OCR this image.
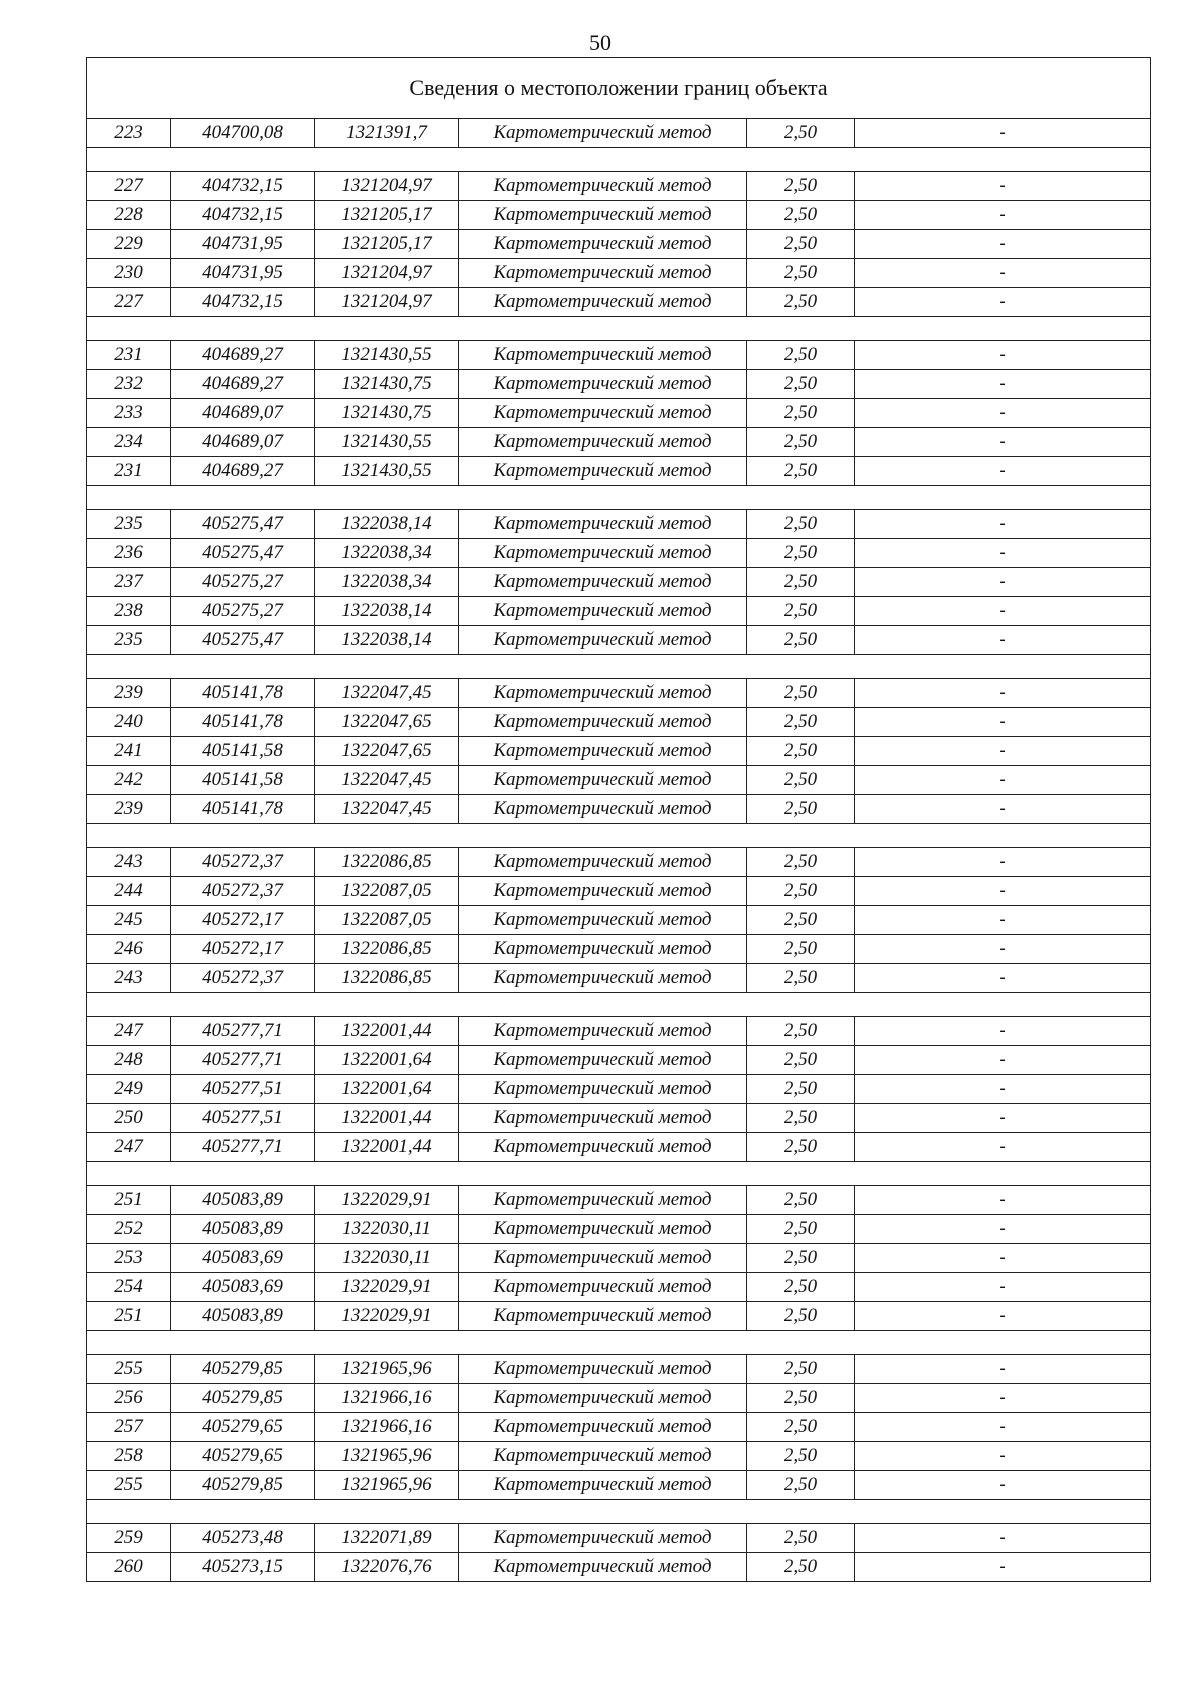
50
Сведения о местоположении границ объекта					
223	404700,08	1321391,7	Картометрический метод	2,50	-

227	404732,15	1321204,97	Картометрический метод	2,50	-
228	404732,15	1321205,17	Картометрический метод	2,50	-
229	404731,95	1321205,17	Картометрический метод	2,50	-
230	404731,95	1321204,97	Картометрический метод	2,50	-
227	404732,15	1321204,97	Картометрический метод	2,50	-

231	404689,27	1321430,55	Картометрический метод	2,50	-
232	404689,27	1321430,75	Картометрический метод	2,50	-
233	404689,07	1321430,75	Картометрический метод	2,50	-
234	404689,07	1321430,55	Картометрический метод	2,50	-
231	404689,27	1321430,55	Картометрический метод	2,50	-

235	405275,47	1322038,14	Картометрический метод	2,50	-
236	405275,47	1322038,34	Картометрический метод	2,50	-
237	405275,27	1322038,34	Картометрический метод	2,50	-
238	405275,27	1322038,14	Картометрический метод	2,50	-
235	405275,47	1322038,14	Картометрический метод	2,50	-

239	405141,78	1322047,45	Картометрический метод	2,50	-
240	405141,78	1322047,65	Картометрический метод	2,50	-
241	405141,58	1322047,65	Картометрический метод	2,50	-
242	405141,58	1322047,45	Картометрический метод	2,50	-
239	405141,78	1322047,45	Картометрический метод	2,50	-

243	405272,37	1322086,85	Картометрический метод	2,50	-
244	405272,37	1322087,05	Картометрический метод	2,50	-
245	405272,17	1322087,05	Картометрический метод	2,50	-
246	405272,17	1322086,85	Картометрический метод	2,50	-
243	405272,37	1322086,85	Картометрический метод	2,50	-

247	405277,71	1322001,44	Картометрический метод	2,50	-
248	405277,71	1322001,64	Картометрический метод	2,50	-
249	405277,51	1322001,64	Картометрический метод	2,50	-
250	405277,51	1322001,44	Картометрический метод	2,50	-
247	405277,71	1322001,44	Картометрический метод	2,50	-

251	405083,89	1322029,91	Картометрический метод	2,50	-
252	405083,89	1322030,11	Картометрический метод	2,50	-
253	405083,69	1322030,11	Картометрический метод	2,50	-
254	405083,69	1322029,91	Картометрический метод	2,50	-
251	405083,89	1322029,91	Картометрический метод	2,50	-

255	405279,85	1321965,96	Картометрический метод	2,50	-
256	405279,85	1321966,16	Картометрический метод	2,50	-
257	405279,65	1321966,16	Картометрический метод	2,50	-
258	405279,65	1321965,96	Картометрический метод	2,50	-
255	405279,85	1321965,96	Картометрический метод	2,50	-

259	405273,48	1322071,89	Картометрический метод	2,50	-
260	405273,15	1322076,76	Картометрический метод	2,50	-
